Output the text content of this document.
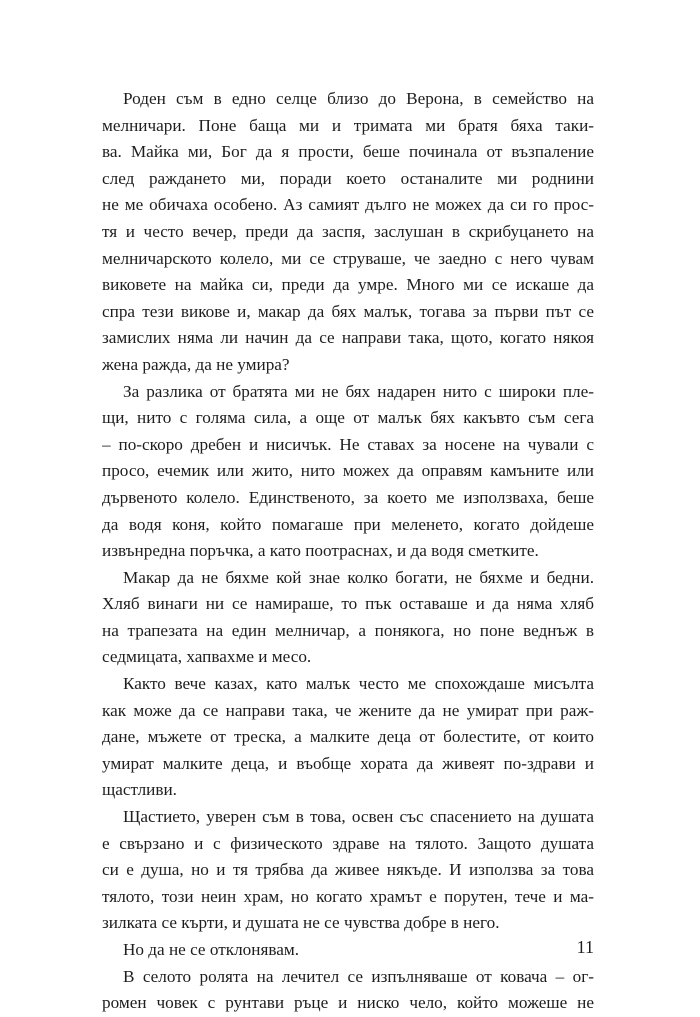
Роден съм в едно селце близо до Верона, в семейство на
мелничари. Поне баща ми и тримата ми братя бяха таки-
ва. Майка ми, Бог да я прости, беше починала от възпаление
след раждането ми, поради което останалите ми роднини
не ме обичаха особено. Аз самият дълго не можех да си го прос-
тя и често вечер, преди да заспя, заслушан в скрибуцането на
мелничарското колело, ми се струваше, че заедно с него чувам
виковете на майка си, преди да умре. Много ми се искаше да
спра тези викове и, макар да бях малък, тогава за първи път се
замислих няма ли начин да се направи така, щото, когато някоя
жена ражда, да не умира?
За разлика от братята ми не бях надарен нито с широки пле-
щи, нито с голяма сила, а още от малък бях какъвто съм сега
– по-скоро дребен и нисичък. Не ставах за носене на чували с
просо, ечемик или жито, нито можех да оправям камъните или
дървеното колело. Единственото, за което ме използваха, беше
да водя коня, който помагаше при меленето, когато дойдеше
извънредна поръчка, а като поотраснах, и да водя сметките.
Макар да не бяхме кой знае колко богати, не бяхме и бедни.
Хляб винаги ни се намираше, то пък оставаше и да няма хляб
на трапезата на един мелничар, а понякога, но поне веднъж в
седмицата, хапвахме и месо.
Както вече казах, като малък често ме спохождаше мисълта
как може да се направи така, че жените да не умират при раж-
дане, мъжете от треска, а малките деца от болестите, от които
умират малките деца, и въобще хората да живеят по-здрави и
щастливи.
Щастието, уверен съм в това, освен със спасението на душата
е свързано и с физическото здраве на тялото. Защото душата
си е душа, но и тя трябва да живее някъде. И използва за това
тялото, този неин храм, но когато храмът е порутен, тече и ма-
зилката се кърти, и душата не се чувства добре в него.
Но да не се отклонявам.
В селото ролята на лечител се изпълняваше от ковача – ог-
ромен човек с рунтави ръце и ниско чело, който можеше не
11
